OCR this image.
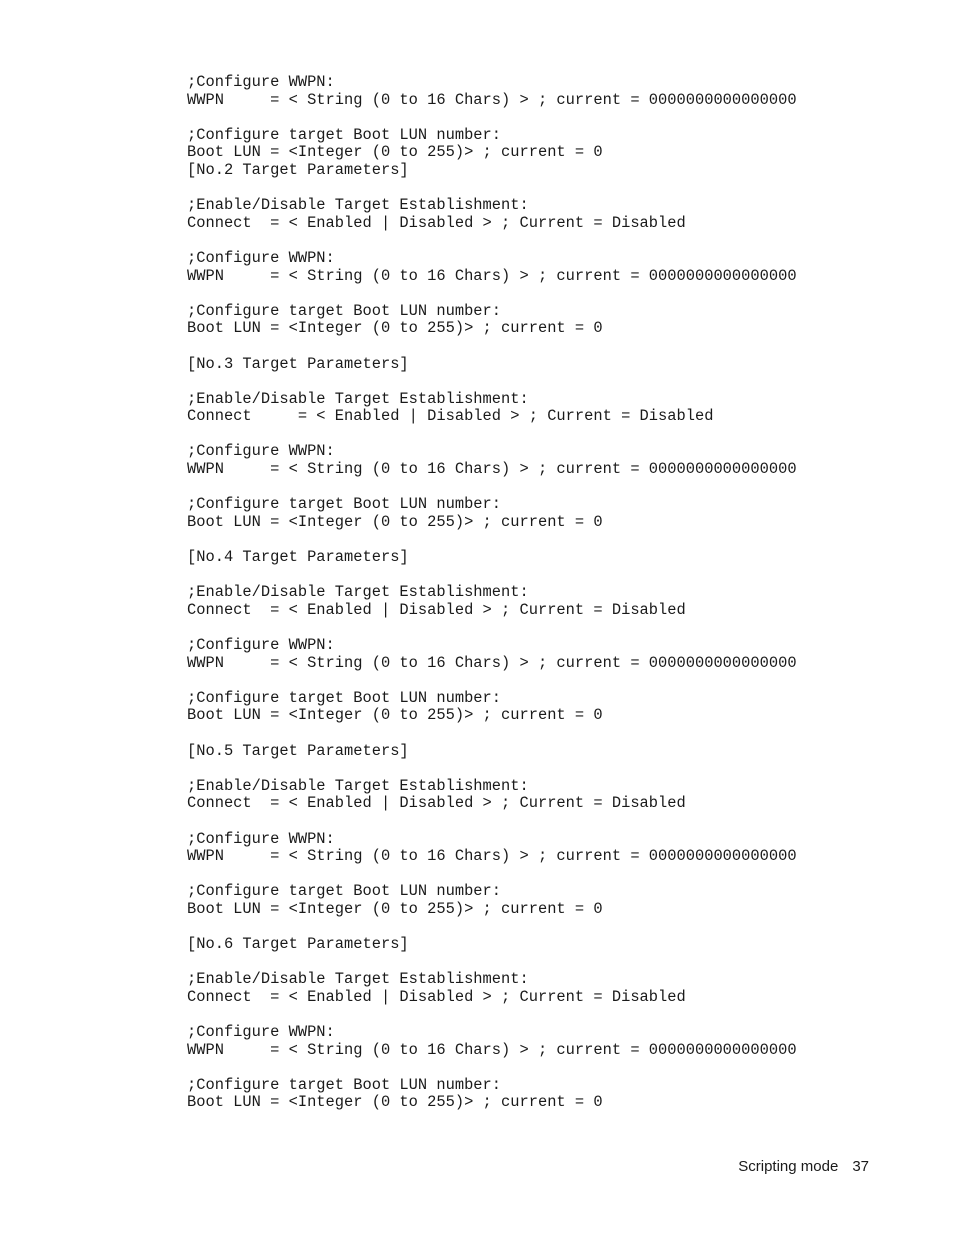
;Configure WWPN:
WWPN     = < String (0 to 16 Chars) > ; current = 0000000000000000
;Configure target Boot LUN number:
Boot LUN = <Integer (0 to 255)> ; current = 0
[No.2 Target Parameters]
;Enable/Disable Target Establishment:
Connect  = < Enabled | Disabled > ; Current = Disabled
;Configure WWPN:
WWPN     = < String (0 to 16 Chars) > ; current = 0000000000000000
;Configure target Boot LUN number:
Boot LUN = <Integer (0 to 255)> ; current = 0
[No.3 Target Parameters]
;Enable/Disable Target Establishment:
Connect     = < Enabled | Disabled > ; Current = Disabled
;Configure WWPN:
WWPN     = < String (0 to 16 Chars) > ; current = 0000000000000000
;Configure target Boot LUN number:
Boot LUN = <Integer (0 to 255)> ; current = 0
[No.4 Target Parameters]
;Enable/Disable Target Establishment:
Connect  = < Enabled | Disabled > ; Current = Disabled
;Configure WWPN:
WWPN     = < String (0 to 16 Chars) > ; current = 0000000000000000
;Configure target Boot LUN number:
Boot LUN = <Integer (0 to 255)> ; current = 0
[No.5 Target Parameters]
;Enable/Disable Target Establishment:
Connect  = < Enabled | Disabled > ; Current = Disabled
;Configure WWPN:
WWPN     = < String (0 to 16 Chars) > ; current = 0000000000000000
;Configure target Boot LUN number:
Boot LUN = <Integer (0 to 255)> ; current = 0
[No.6 Target Parameters]
;Enable/Disable Target Establishment:
Connect  = < Enabled | Disabled > ; Current = Disabled
;Configure WWPN:
WWPN     = < String (0 to 16 Chars) > ; current = 0000000000000000
;Configure target Boot LUN number:
Boot LUN = <Integer (0 to 255)> ; current = 0
Scripting mode 37
